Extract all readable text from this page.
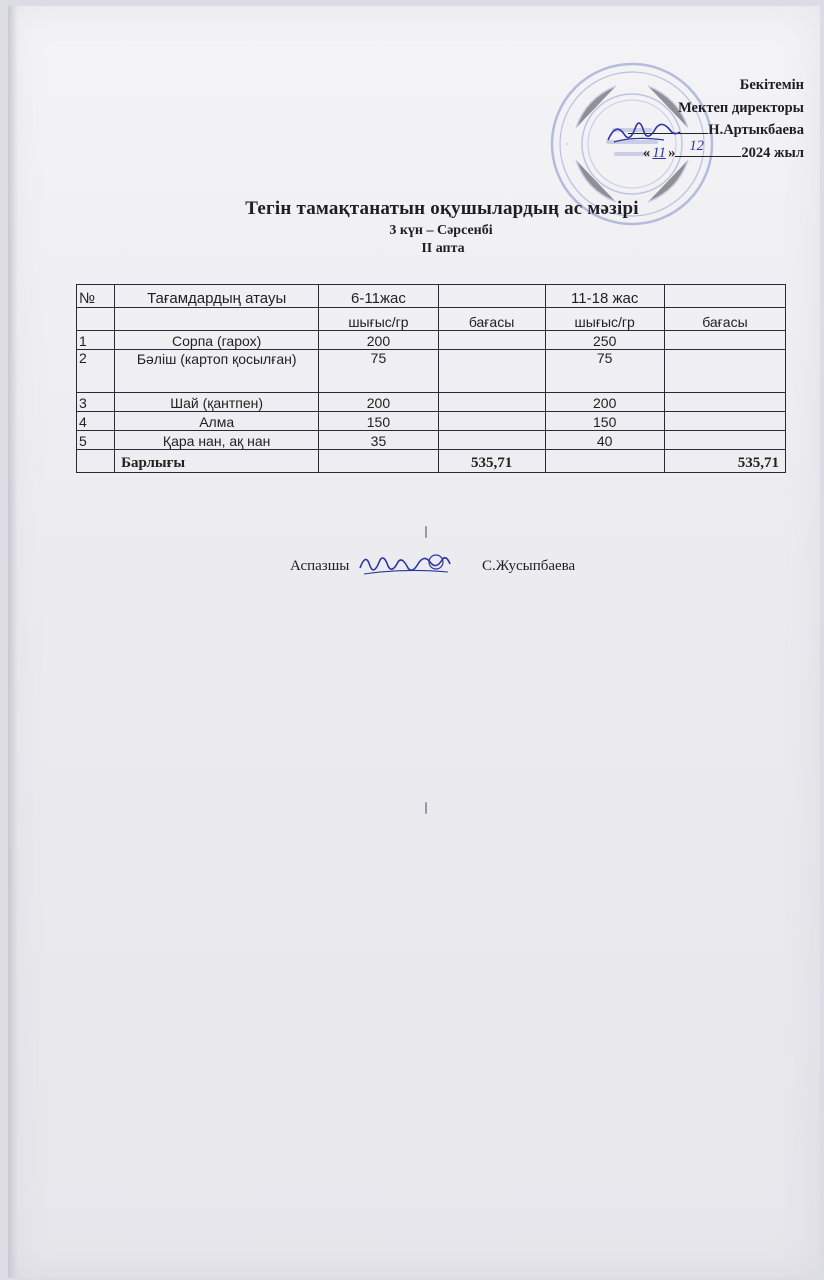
Бекітемін
Мектеп директоры
Н.Артыкбаева
« 11 » 12	2024 жыл
Тегін тамақтанатын оқушылардың ас мәзірі
3 күн – Сәрсенбі
ІІ апта
№	Тағамдардың атауы	6-11жас		11-18 жас	
		шығыс/гр	бағасы	шығыс/гр	бағасы
1	Сорпа (гарох)	200		250	
2	Бәліш (картоп қосылған)	75		75	
3	Шай (қантпен)	200		200	
4	Алма	150		150	
5	Қара нан, ақ нан	35		40	
	Барлығы		535,71		535,71
Аспазшы	С.Жусыпбаева
